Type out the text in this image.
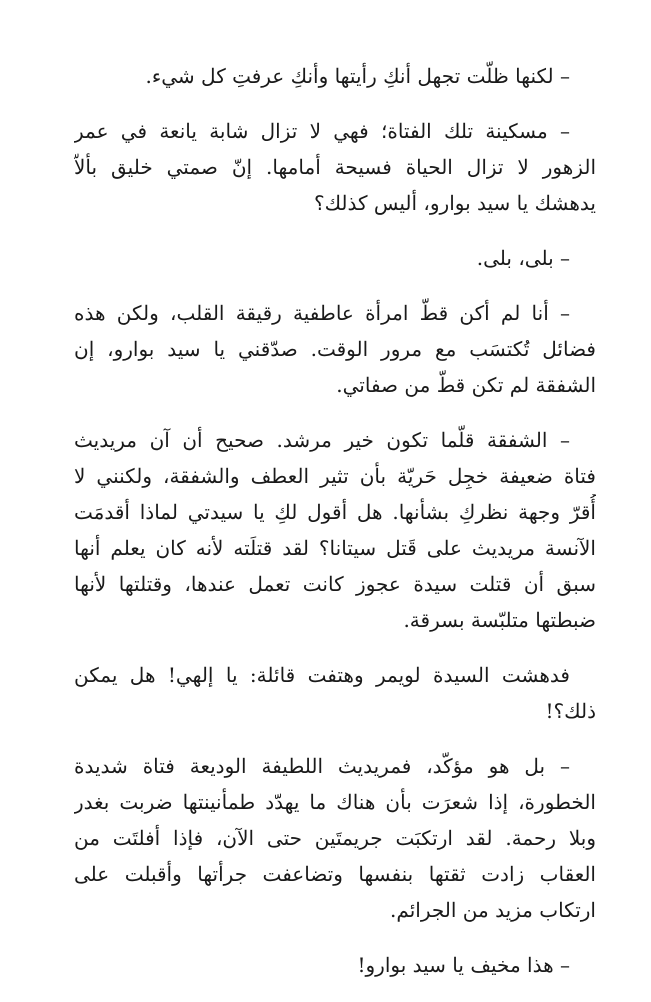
– لكنها ظلّت تجهل أنكِ رأيتها وأنكِ عرفتِ كل شيء.

– مسكينة تلك الفتاة؛ فهي لا تزال شابة يانعة في عمر
الزهور لا تزال الحياة فسيحة أمامها. إنّ صمتي خليق بألاّ
يدهشك يا سيد بوارو، أليس كذلك؟

– بلى، بلى.

– أنا لم أكن قطّ امرأة عاطفية رقيقة القلب، ولكن هذه
فضائل تُكتسَب مع مرور الوقت. صدّقني يا سيد بوارو، إن
الشفقة لم تكن قطّ من صفاتي.

– الشفقة قلّما تكون خير مرشد. صحيح أن آن مريديث
فتاة ضعيفة خجِل حَريّة بأن تثير العطف والشفقة، ولكنني لا
أُقرّ وجهة نظركِ بشأنها. هل أقول لكِ يا سيدتي لماذا أقدمَت
الآنسة مريديث على قَتل سيتانا؟ لقد قتلَته لأنه كان يعلم أنها
سبق أن قتلت سيدة عجوز كانت تعمل عندها، وقتلتها لأنها
ضبطتها متلبّسة بسرقة.

فدهشت السيدة لويمر وهتفت قائلة: يا إلهي! هل يمكن
ذلك؟!

– بل هو مؤكّد، فمريديث اللطيفة الوديعة فتاة شديدة
الخطورة، إذا شعرَت بأن هناك ما يهدّد طمأنينتها ضربت بغدر
وبلا رحمة. لقد ارتكبَت جريمتَين حتى الآن، فإذا أفلتَت من
العقاب زادت ثقتها بنفسها وتضاعفت جرأتها وأقبلت على
ارتكاب مزيد من الجرائم.

– هذا مخيف يا سيد بوارو!
